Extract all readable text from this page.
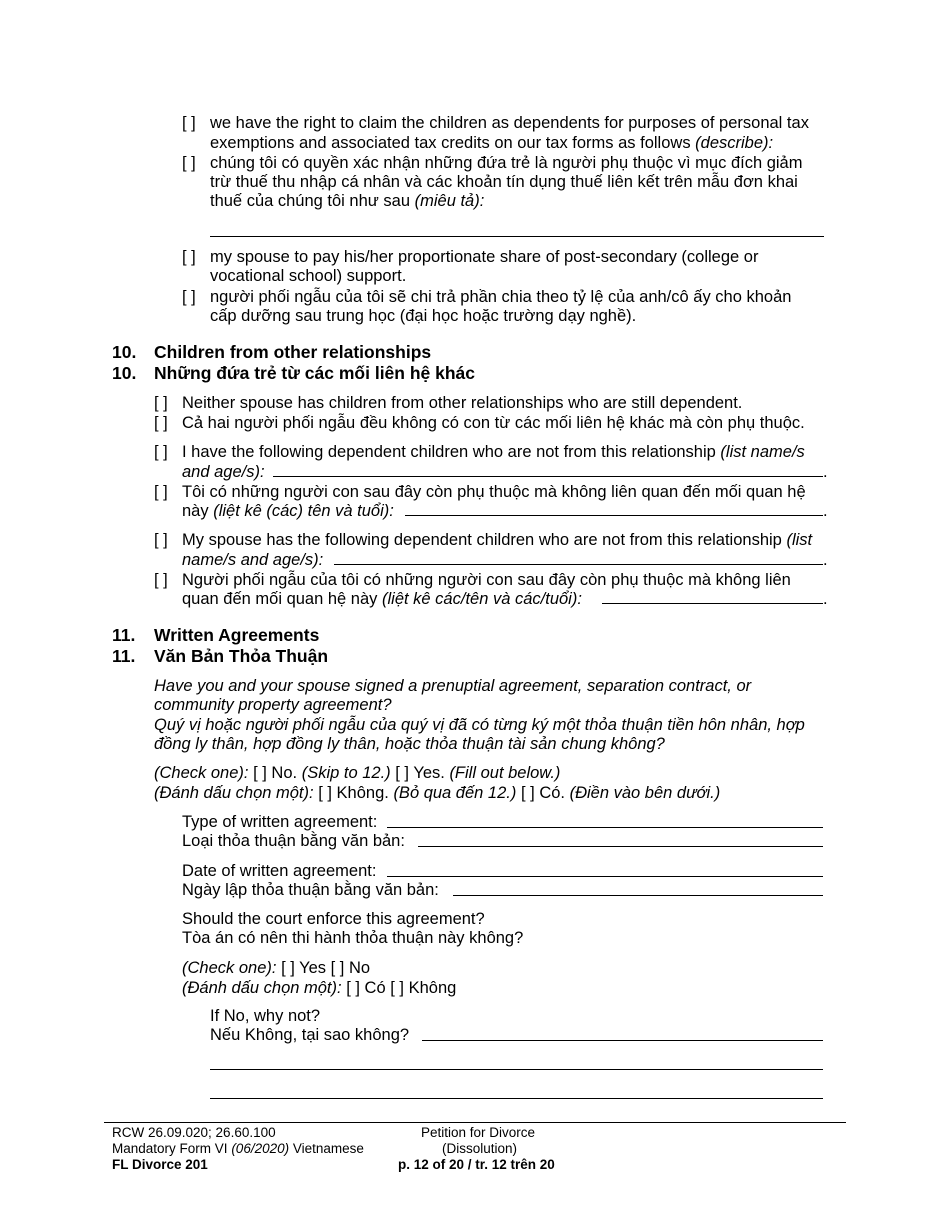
[ ] we have the right to claim the children as dependents for purposes of personal tax
exemptions and associated tax credits on our tax forms as follows (describe):
[ ] chúng tôi có quyền xác nhận những đứa trẻ là người phụ thuộc vì mục đích giảm
trừ thuế thu nhập cá nhân và các khoản tín dụng thuế liên kết trên mẫu đơn khai
thuế của chúng tôi như sau (miêu tả):
[ ] my spouse to pay his/her proportionate share of post-secondary (college or
vocational school) support.
[ ] người phối ngẫu của tôi sẽ chi trả phần chia theo tỷ lệ của anh/cô ấy cho khoản
cấp dưỡng sau trung học (đại học hoặc trường dạy nghề).
10. Children from other relationships
10. Những đứa trẻ từ các mối liên hệ khác
[ ] Neither spouse has children from other relationships who are still dependent.
[ ] Cả hai người phối ngẫu đều không có con từ các mối liên hệ khác mà còn phụ thuộc.
[ ] I have the following dependent children who are not from this relationship (list name/s
and age/s):	.
[ ] Tôi có những người con sau đây còn phụ thuộc mà không liên quan đến mối quan hệ
này (liệt kê (các) tên và tuổi):	.
[ ] My spouse has the following dependent children who are not from this relationship (list
name/s and age/s):	.
[ ] Người phối ngẫu của tôi có những người con sau đây còn phụ thuộc mà không liên
quan đến mối quan hệ này (liệt kê các/tên và các/tuổi):	.
11. Written Agreements
11. Văn Bản Thỏa Thuận
Have you and your spouse signed a prenuptial agreement, separation contract, or
community property agreement?
Quý vị hoặc người phối ngẫu của quý vị đã có từng ký một thỏa thuận tiền hôn nhân, hợp
đồng ly thân, hợp đồng ly thân, hoặc thỏa thuận tài sản chung không?
(Check one): [ ] No. (Skip to 12.) [ ] Yes. (Fill out below.)
(Đánh dấu chọn một): [ ] Không. (Bỏ qua đến 12.) [ ] Có. (Điền vào bên dưới.)
Type of written agreement:
Loại thỏa thuận bằng văn bản:
Date of written agreement:
Ngày lập thỏa thuận bằng văn bản:
Should the court enforce this agreement?
Tòa án có nên thi hành thỏa thuận này không?
(Check one): [ ] Yes [ ] No
(Đánh dấu chọn một): [ ] Có [ ] Không
If No, why not?
Nếu Không, tại sao không?
RCW 26.09.020; 26.60.100
Mandatory Form VI (06/2020) Vietnamese
FL Divorce 201
Petition for Divorce
(Dissolution)
p. 12 of 20 / tr. 12 trên 20
